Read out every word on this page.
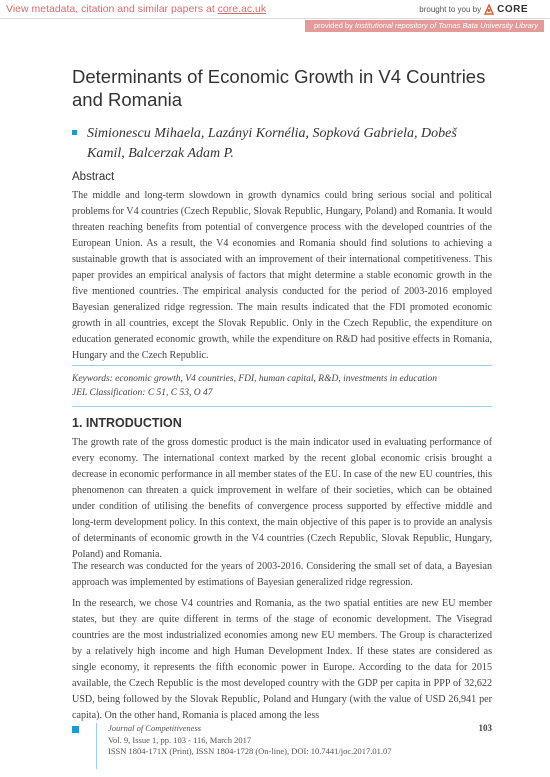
View metadata, citation and similar papers at core.ac.uk	brought to you by CORE
provided by Institutional repository of Tomas Bata University Library
Determinants of Economic Growth in V4 Countries and Romania
Simionescu Mihaela, Lazányi Kornélia, Sopková Gabriela, Dobeš Kamil, Balcerzak Adam P.
Abstract

The middle and long-term slowdown in growth dynamics could bring serious social and political problems for V4 countries (Czech Republic, Slovak Republic, Hungary, Poland) and Romania. It would threaten reaching benefits from potential of convergence process with the developed countries of the European Union. As a result, the V4 economies and Romania should find solutions to achieving a sustainable growth that is associated with an improvement of their international competitiveness. This paper provides an empirical analysis of factors that might determine a stable economic growth in the five mentioned countries. The empirical analysis conducted for the period of 2003-2016 employed Bayesian generalized ridge regression. The main results indicated that the FDI promoted economic growth in all countries, except the Slovak Republic. Only in the Czech Republic, the expenditure on education generated economic growth, while the expenditure on R&D had positive effects in Romania, Hungary and the Czech Republic.

Keywords: economic growth, V4 countries, FDI, human capital, R&D, investments in education
JEL Classification: C 51, C 53, O 47
1. INTRODUCTION

The growth rate of the gross domestic product is the main indicator used in evaluating performance of every economy. The international context marked by the recent global economic crisis brought a decrease in economic performance in all member states of the EU. In case of the new EU countries, this phenomenon can threaten a quick improvement in welfare of their societies, which can be obtained under condition of utilising the benefits of convergence process supported by effective middle and long-term development policy. In this context, the main objective of this paper is to provide an analysis of determinants of economic growth in the V4 countries (Czech Republic, Slovak Republic, Hungary, Poland) and Romania.

The research was conducted for the years of 2003-2016. Considering the small set of data, a Bayesian approach was implemented by estimations of Bayesian generalized ridge regression.

In the research, we chose V4 countries and Romania, as the two spatial entities are new EU member states, but they are quite different in terms of the stage of economic development. The Visegrad countries are the most industrialized economies among new EU members. The Group is characterized by a relatively high income and high Human Development Index. If these states are considered as single economy, it represents the fifth economic power in Europe. According to the data for 2015 available, the Czech Republic is the most developed country with the GDP per capita in PPP of 32,622 USD, being followed by the Slovak Republic, Poland and Hungary (with the value of USD 26,941 per capita). On the other hand, Romania is placed among the less

Journal of Competitiveness
Vol. 9, Issue 1, pp. 103 - 116, March 2017
ISSN 1804-171X (Print), ISSN 1804-1728 (On-line), DOI: 10.7441/joc.2017.01.07
103
